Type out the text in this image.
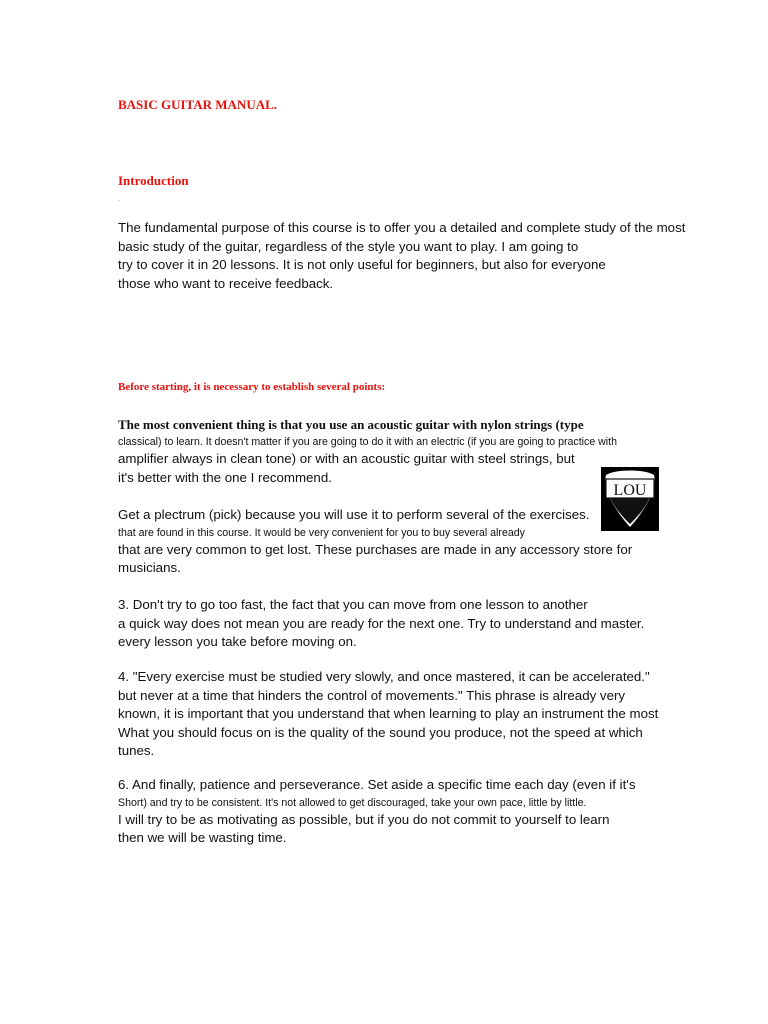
BASIC GUITAR MANUAL.
Introduction
.
The fundamental purpose of this course is to offer you a detailed and complete study of the most
basic study of the guitar, regardless of the style you want to play. I am going to
try to cover it in 20 lessons. It is not only useful for beginners, but also for everyone
those who want to receive feedback.
Before starting, it is necessary to establish several points:
The most convenient thing is that you use an acoustic guitar with nylon strings (type
classical) to learn. It doesn't matter if you are going to do it with an electric (if you are going to practice with
amplifier always in clean tone) or with an acoustic guitar with steel strings, but
it's better with the one I recommend.
Get a plectrum (pick) because you will use it to perform several of the exercises.
that are found in this course. It would be very convenient for you to buy several already
that are very common to get lost. These purchases are made in any accessory store for
musicians.
LOU
3. Don't try to go too fast, the fact that you can move from one lesson to another
a quick way does not mean you are ready for the next one. Try to understand and master.
every lesson you take before moving on.
4. "Every exercise must be studied very slowly, and once mastered, it can be accelerated."
but never at a time that hinders the control of movements." This phrase is already very
known, it is important that you understand that when learning to play an instrument the most
What you should focus on is the quality of the sound you produce, not the speed at which
tunes.
6. And finally, patience and perseverance. Set aside a specific time each day (even if it's
Short) and try to be consistent. It's not allowed to get discouraged, take your own pace, little by little.
I will try to be as motivating as possible, but if you do not commit to yourself to learn
then we will be wasting time.
